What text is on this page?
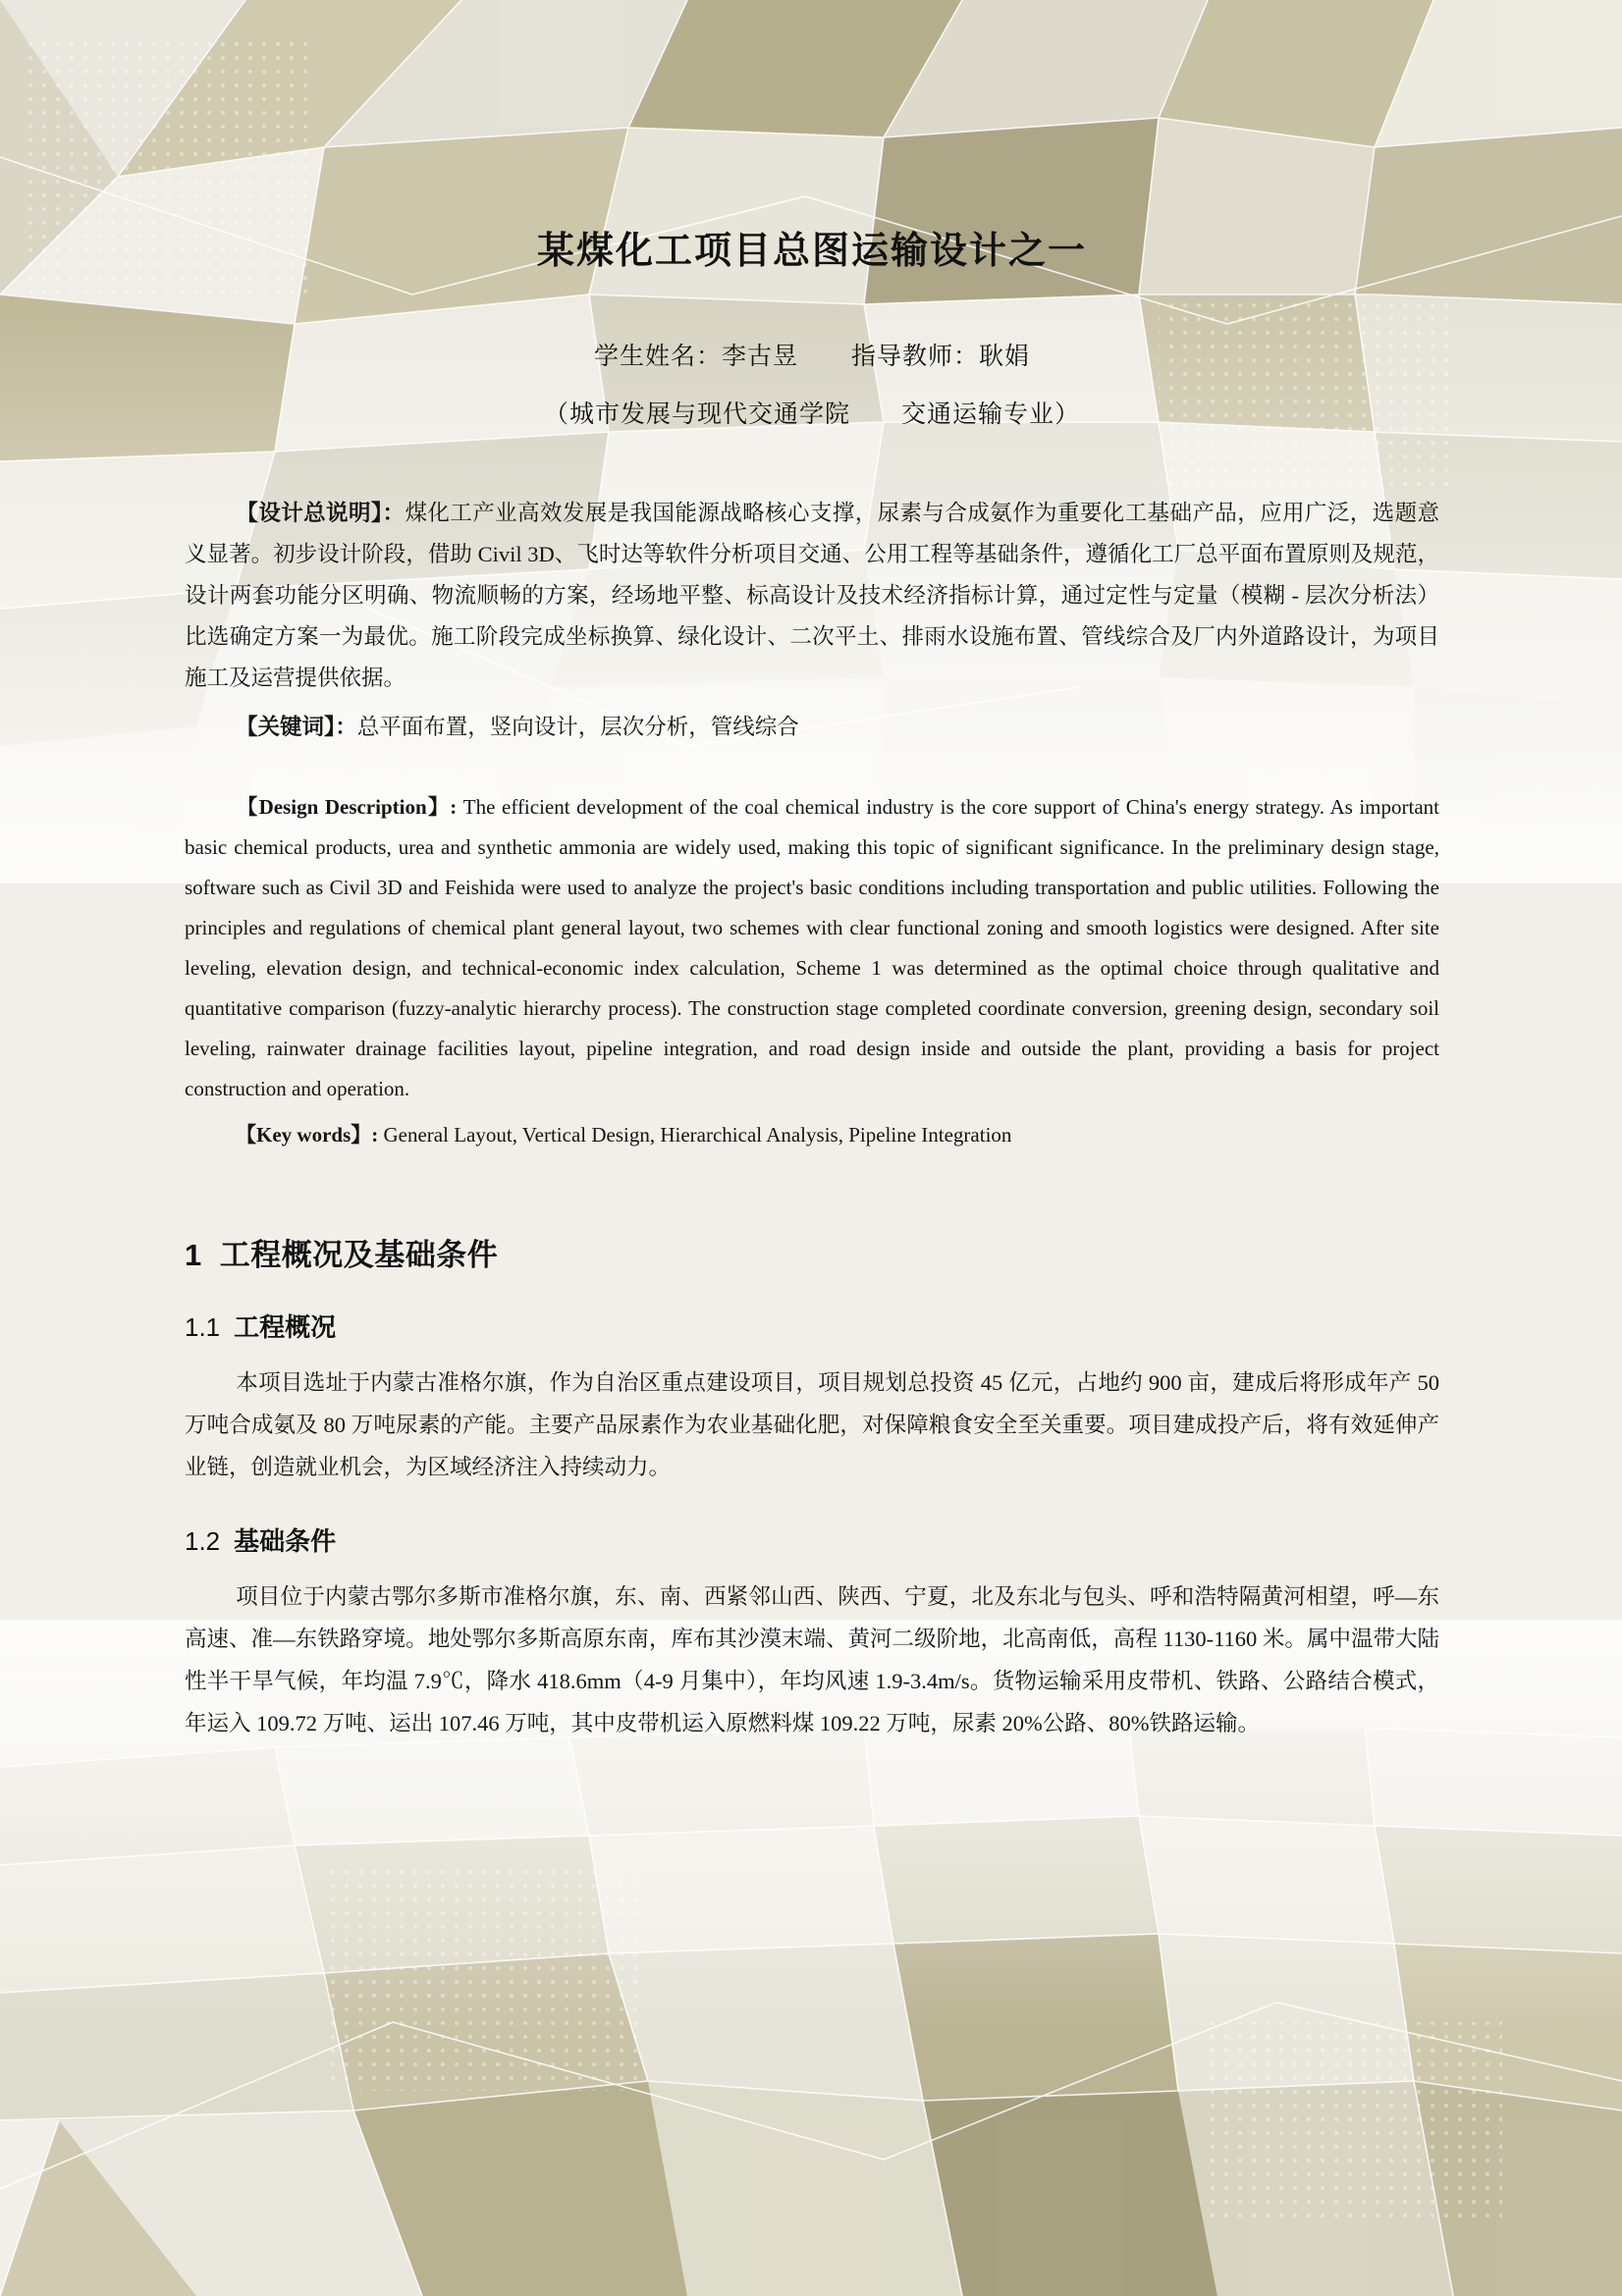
某煤化工项目总图运输设计之一
学生姓名：李古昱 指导教师：耿娟
（城市发展与现代交通学院　　交通运输专业）

【设计总说明】：煤化工产业高效发展是我国能源战略核心支撑，尿素与合成氨作为重要化工基础产品，应用广泛，选题意义显著。初步设计阶段，借助 Civil 3D、飞时达等软件分析项目交通、公用工程等基础条件，遵循化工厂总平面布置原则及规范，设计两套功能分区明确、物流顺畅的方案，经场地平整、标高设计及技术经济指标计算，通过定性与定量（模糊 - 层次分析法）比选确定方案一为最优。施工阶段完成坐标换算、绿化设计、二次平土、排雨水设施布置、管线综合及厂内外道路设计，为项目施工及运营提供依据。

【关键词】：总平面布置，竖向设计，层次分析，管线综合

【Design Description】: The efficient development of the coal chemical industry is the core support of China's energy strategy. As important basic chemical products, urea and synthetic ammonia are widely used, making this topic of significant significance. In the preliminary design stage, software such as Civil 3D and Feishida were used to analyze the project's basic conditions including transportation and public utilities. Following the principles and regulations of chemical plant general layout, two schemes with clear functional zoning and smooth logistics were designed. After site leveling, elevation design, and technical-economic index calculation, Scheme 1 was determined as the optimal choice through qualitative and quantitative comparison (fuzzy-analytic hierarchy process). The construction stage completed coordinate conversion, greening design, secondary soil leveling, rainwater drainage facilities layout, pipeline integration, and road design inside and outside the plant, providing a basis for project construction and operation.

【Key words】: General Layout, Vertical Design, Hierarchical Analysis, Pipeline Integration

1 工程概况及基础条件
1.1 工程概况

本项目选址于内蒙古准格尔旗，作为自治区重点建设项目，项目规划总投资 45 亿元，占地约 900 亩，建成后将形成年产 50 万吨合成氨及 80 万吨尿素的产能。主要产品尿素作为农业基础化肥，对保障粮食安全至关重要。项目建成投产后，将有效延伸产业链，创造就业机会，为区域经济注入持续动力。

1.2 基础条件

项目位于内蒙古鄂尔多斯市准格尔旗，东、南、西紧邻山西、陕西、宁夏，北及东北与包头、呼和浩特隔黄河相望，呼—东高速、准—东铁路穿境。地处鄂尔多斯高原东南，库布其沙漠末端、黄河二级阶地，北高南低，高程 1130-1160 米。属中温带大陆性半干旱气候，年均温 7.9℃，降水 418.6mm（4-9 月集中），年均风速 1.9-3.4m/s。货物运输采用皮带机、铁路、公路结合模式，年运入 109.72 万吨、运出 107.46 万吨，其中皮带机运入原燃料煤 109.22 万吨，尿素 20%公路、80%铁路运输。
